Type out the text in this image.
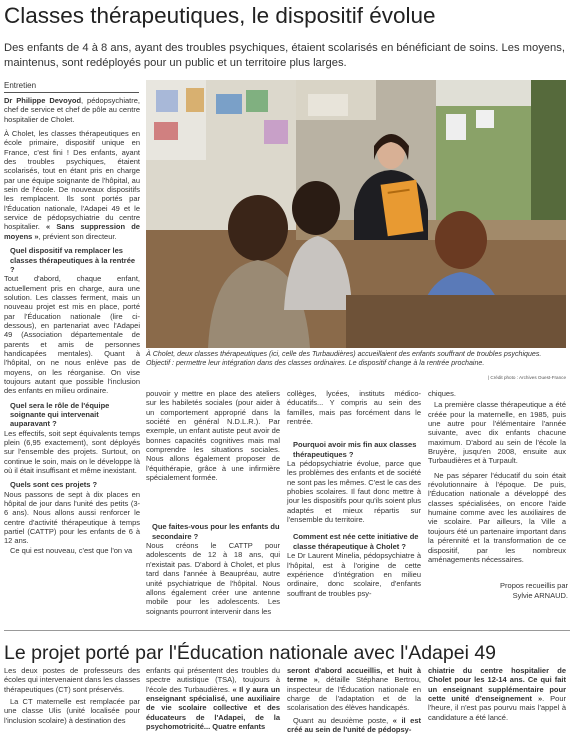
Classes thérapeutiques, le dispositif évolue
Des enfants de 4 à 8 ans, ayant des troubles psychiques, étaient scolarisés en bénéficiant de soins. Les moyens, maintenus, sont redéployés pour un public et un territoire plus larges.
Entretien

Dr Philippe Devoyod, pédopsychiatre, chef de service et chef de pôle au centre hospitalier de Cholet.

À Cholet, les classes thérapeutiques en école primaire, dispositif unique en France, c'est fini ! Des enfants, ayant des troubles psychiques, étaient scolarisés, tout en étant pris en charge par une équipe soignante de l'hôpital, au sein de l'école. De nouveaux dispositifs les remplacent. Ils sont portés par l'Éducation nationale, l'Adapei 49 et le service de pédopsychiatrie du centre hospitalier. « Sans suppression de moyens », prévient son directeur.

Quel dispositif va remplacer les classes thérapeutiques à la rentrée ?

Tout d'abord, chaque enfant, actuellement pris en charge, aura une solution. Les classes ferment, mais un nouveau projet est mis en place, porté par l'Éducation nationale (lire ci-dessous), en partenariat avec l'Adapei 49 (Association départementale de parents et amis de personnes handicapées mentales). Quant à l'hôpital, on ne nous enlève pas de moyens, on les réorganise. On vise toujours autant que possible l'inclusion des enfants en milieu ordinaire.

Quel sera le rôle de l'équipe soignante qui intervenait auparavant ?

Les effectifs, soit sept équivalents temps plein (6,95 exactement), sont déployés sur l'ensemble des projets. Surtout, on continue le soin, mais on le développe là où il était insuffisant et même inexistant.

Quels sont ces projets ?

Nous passons de sept à dix places en hôpital de jour dans l'unité des petits (3-6 ans). Nous allons aussi renforcer le centre d'activité thérapeutique à temps partiel (CATTP) pour les enfants de 6 à 12 ans.

Ce qui est nouveau, c'est que l'on va

À Cholet, deux classes thérapeutiques (ici, celle des Turbaudières) accueillaient des enfants souffrant de troubles psychiques. Objectif : permettre leur intégration dans des classes ordinaires. Le dispositif change à la rentrée prochaine.
| Crédit photo : Archives Ouest-France

pouvoir y mettre en place des ateliers sur les habiletés sociales (pour aider à un comportement approprié dans la société en général N.D.L.R.). Par exemple, un enfant autiste peut avoir de bonnes capacités cognitives mais mal comprendre les situations sociales. Nous allons également proposer de l'équithérapie, grâce à une infirmière spécialement formée.

Que faites-vous pour les enfants du secondaire ?

Nous créons le CATTP pour adolescents de 12 à 18 ans, qui n'existait pas. D'abord à Cholet, et plus tard dans l'année à Beaupréau, autre unité psychiatrique de l'hôpital. Nous allons également créer une antenne mobile pour les adolescents. Les soignants pourront intervenir dans les

collèges, lycées, instituts médico-éducatifs... Y compris au sein des familles, mais pas forcément dans le rentrée.

Pourquoi avoir mis fin aux classes thérapeutiques ?

La pédopsychiatrie évolue, parce que les problèmes des enfants et de société ne sont pas les mêmes. C'est le cas des phobies scolaires. Il faut donc mettre à jour les dispositifs pour qu'ils soient plus adaptés et mieux répartis sur l'ensemble du territoire.

Comment est née cette initiative de classe thérapeutique à Cholet ?

Le Dr Laurent Minelia, pédopsychiatre à l'hôpital, est à l'origine de cette expérience d'intégration en milieu ordinaire, donc scolaire, d'enfants souffrant de troubles psy-

chiques.

La première classe thérapeutique a été créée pour la maternelle, en 1985, puis une autre pour l'élémentaire l'année suivante, avec dix enfants chacune maximum. D'abord au sein de l'école la Bruyère, jusqu'en 2008, ensuite aux Turbaudières et à Turpault.

Ne pas séparer l'éducatif du soin était révolutionnaire à l'époque. De puis, l'Éducation nationale a développé des classes spécialisées, on encore l'aide humaine comme avec les auxiliaires de vie scolaire. Par ailleurs, la Ville a toujours été un partenaire important dans la pérennité et la transformation de ce dispositif, par les nombreux aménagements nécessaires.

Propos recueillis par
Sylvie ARNAUD.
Le projet porté par l'Éducation nationale avec l'Adapei 49

Les deux postes de professeurs des écoles qui intervenaient dans les classes thérapeutiques (CT) sont préservés.

La CT maternelle est remplacée par une classe Ulis (unité localisée pour l'inclusion scolaire) à destination des

enfants qui présentent des troubles du spectre autistique (TSA), toujours à l'école des Turbaudières. « Il y aura un enseignant spécialisé, une auxiliaire de vie scolaire collective et des éducateurs de l'Adapei, de la psychomotricité... Quatre enfants

seront d'abord accueillis, et huit à terme », détaille Stéphane Bertrou, inspecteur de l'Éducation nationale en charge de l'adaptation et de la scolarisation des élèves handicapés.

Quant au deuxième poste, « il est créé au sein de l'unité de pédopsy-

chiatrie du centre hospitalier de Cholet pour les 12-14 ans. Ce qui fait un enseignant supplémentaire pour cette unité d'enseignement ». Pour l'heure, il n'est pas pourvu mais l'appel à candidature a été lancé.
